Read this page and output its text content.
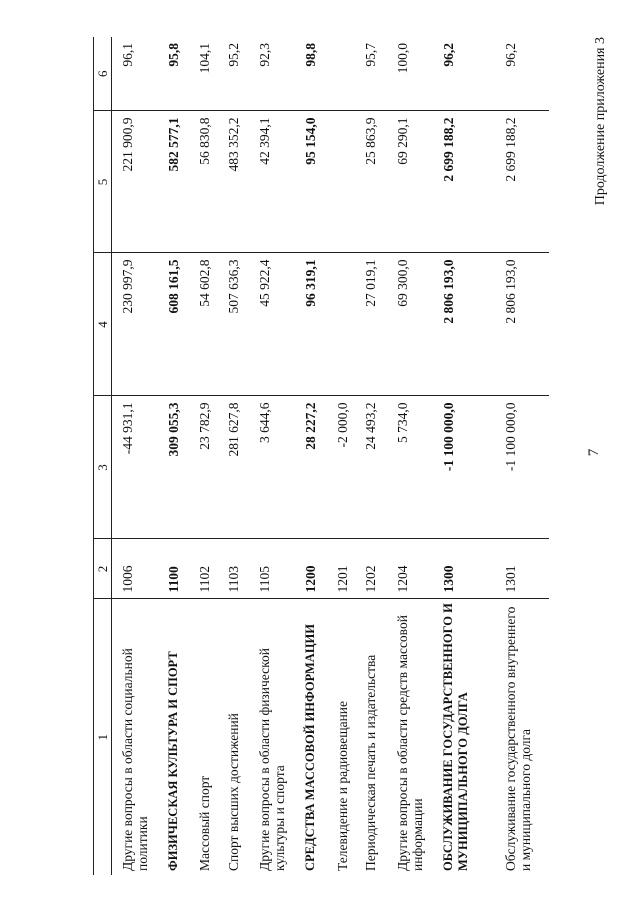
7
Продолжение приложения 3
1	2	3	4	5	6

Другие вопросы в области социальной политики	1006	-44 931,1	230 997,9	221 900,9	96,1
ФИЗИЧЕСКАЯ КУЛЬТУРА И СПОРТ	1100	309 055,3	608 161,5	582 577,1	95,8
Массовый спорт	1102	23 782,9	54 602,8	56 830,8	104,1
Спорт высших достижений	1103	281 627,8	507 636,3	483 352,2	95,2
Другие вопросы в области физической культуры и спорта	1105	3 644,6	45 922,4	42 394,1	92,3
СРЕДСТВА МАССОВОЙ ИНФОРМАЦИИ	1200	28 227,2	96 319,1	95 154,0	98,8
Телевидение и радиовещание	1201	-2 000,0			
Периодическая печать и издательства	1202	24 493,2	27 019,1	25 863,9	95,7
Другие вопросы в области средств массовой информации	1204	5 734,0	69 300,0	69 290,1	100,0
ОБСЛУЖИВАНИЕ ГОСУДАРСТВЕННОГО И МУНИЦИПАЛЬНОГО ДОЛГА	1300	-1 100 000,0	2 806 193,0	2 699 188,2	96,2
Обслуживание государственного внутреннего и муниципального долга	1301	-1 100 000,0	2 806 193,0	2 699 188,2	96,2
